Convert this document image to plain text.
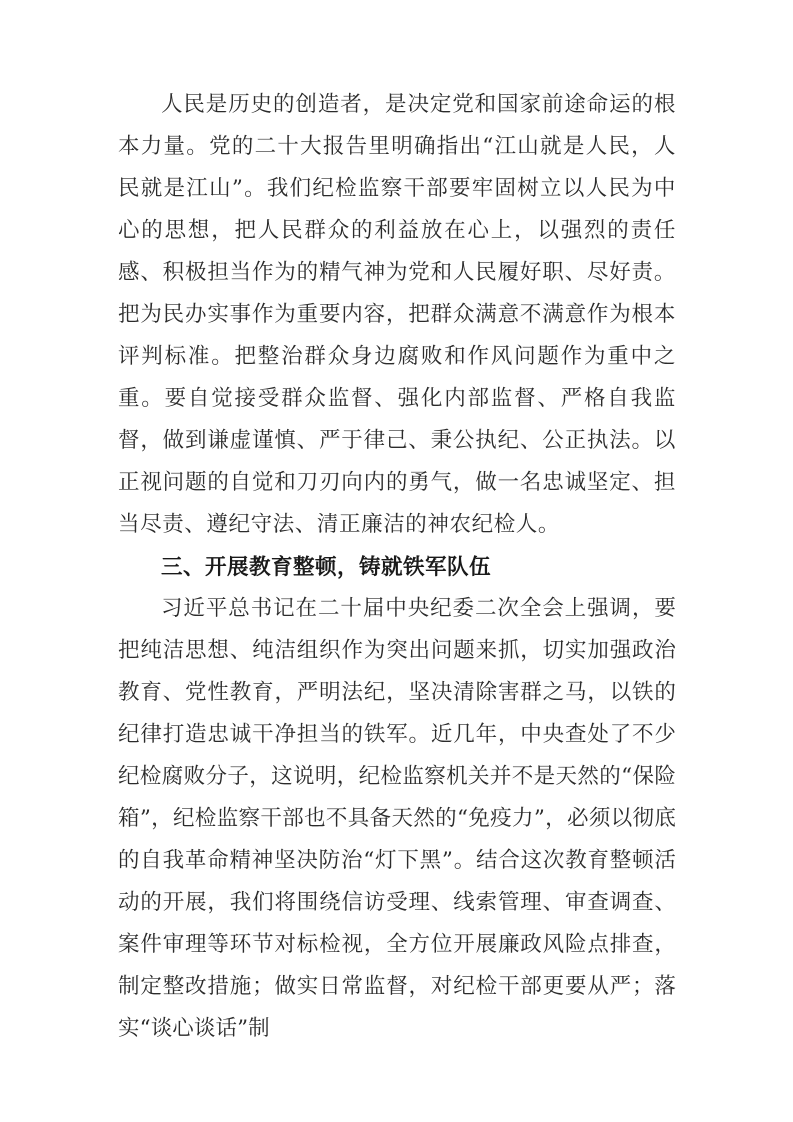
人民是历史的创造者，是决定党和国家前途命运的根本力量。党的二十大报告里明确指出“江山就是人民，人民就是江山”。我们纪检监察干部要牢固树立以人民为中心的思想，把人民群众的利益放在心上，以强烈的责任感、积极担当作为的精气神为党和人民履好职、尽好责。把为民办实事作为重要内容，把群众满意不满意作为根本评判标准。把整治群众身边腐败和作风问题作为重中之重。要自觉接受群众监督、强化内部监督、严格自我监督，做到谦虚谨慎、严于律己、秉公执纪、公正执法。以正视问题的自觉和刀刃向内的勇气，做一名忠诚坚定、担当尽责、遵纪守法、清正廉洁的神农纪检人。

三、开展教育整顿，铸就铁军队伍

习近平总书记在二十届中央纪委二次全会上强调，要把纯洁思想、纯洁组织作为突出问题来抓，切实加强政治教育、党性教育，严明法纪，坚决清除害群之马，以铁的纪律打造忠诚干净担当的铁军。近几年，中央查处了不少纪检腐败分子，这说明，纪检监察机关并不是天然的“保险箱”，纪检监察干部也不具备天然的“免疫力”，必须以彻底的自我革命精神坚决防治“灯下黑”。结合这次教育整顿活动的开展，我们将围绕信访受理、线索管理、审查调查、案件审理等环节对标检视，全方位开展廉政风险点排查，制定整改措施；做实日常监督，对纪检干部更要从严；落实“谈心谈话”制
